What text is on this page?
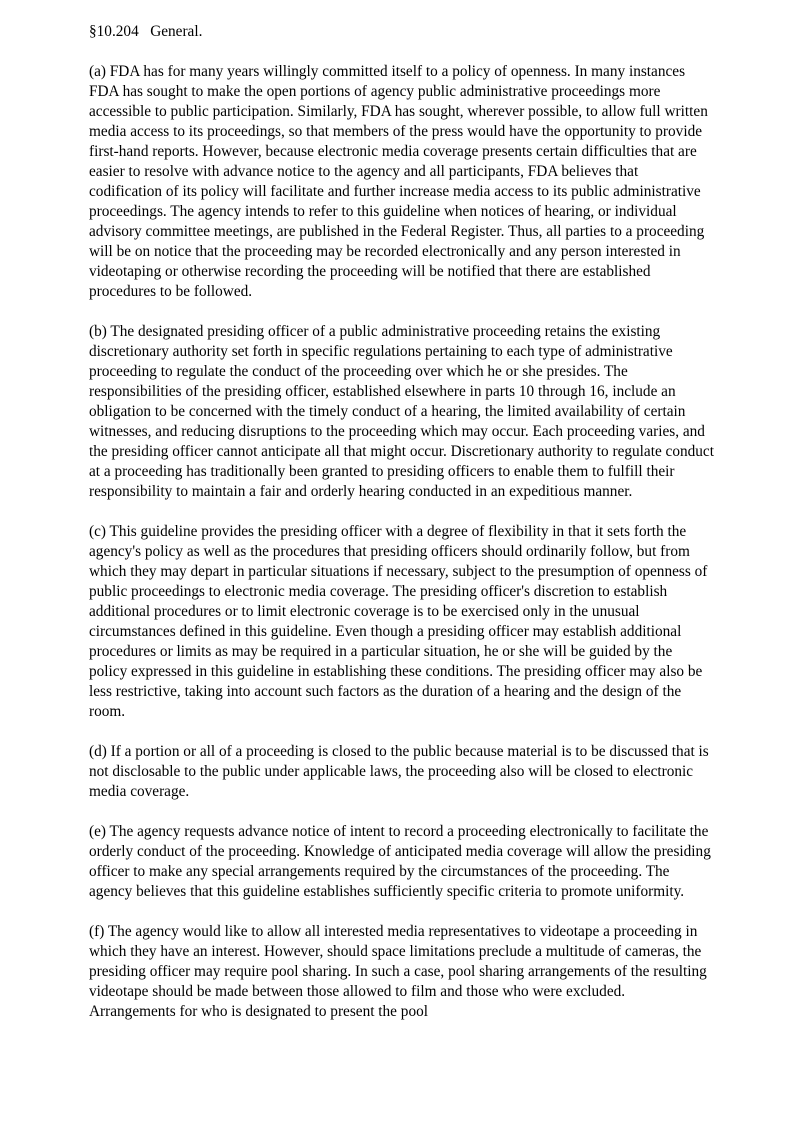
§10.204   General.

(a) FDA has for many years willingly committed itself to a policy of openness. In many instances FDA has sought to make the open portions of agency public administrative proceedings more accessible to public participation. Similarly, FDA has sought, wherever possible, to allow full written media access to its proceedings, so that members of the press would have the opportunity to provide first-hand reports. However, because electronic media coverage presents certain difficulties that are easier to resolve with advance notice to the agency and all participants, FDA believes that codification of its policy will facilitate and further increase media access to its public administrative proceedings. The agency intends to refer to this guideline when notices of hearing, or individual advisory committee meetings, are published in the Federal Register. Thus, all parties to a proceeding will be on notice that the proceeding may be recorded electronically and any person interested in videotaping or otherwise recording the proceeding will be notified that there are established procedures to be followed.

(b) The designated presiding officer of a public administrative proceeding retains the existing discretionary authority set forth in specific regulations pertaining to each type of administrative proceeding to regulate the conduct of the proceeding over which he or she presides. The responsibilities of the presiding officer, established elsewhere in parts 10 through 16, include an obligation to be concerned with the timely conduct of a hearing, the limited availability of certain witnesses, and reducing disruptions to the proceeding which may occur. Each proceeding varies, and the presiding officer cannot anticipate all that might occur. Discretionary authority to regulate conduct at a proceeding has traditionally been granted to presiding officers to enable them to fulfill their responsibility to maintain a fair and orderly hearing conducted in an expeditious manner.

(c) This guideline provides the presiding officer with a degree of flexibility in that it sets forth the agency's policy as well as the procedures that presiding officers should ordinarily follow, but from which they may depart in particular situations if necessary, subject to the presumption of openness of public proceedings to electronic media coverage. The presiding officer's discretion to establish additional procedures or to limit electronic coverage is to be exercised only in the unusual circumstances defined in this guideline. Even though a presiding officer may establish additional procedures or limits as may be required in a particular situation, he or she will be guided by the policy expressed in this guideline in establishing these conditions. The presiding officer may also be less restrictive, taking into account such factors as the duration of a hearing and the design of the room.

(d) If a portion or all of a proceeding is closed to the public because material is to be discussed that is not disclosable to the public under applicable laws, the proceeding also will be closed to electronic media coverage.

(e) The agency requests advance notice of intent to record a proceeding electronically to facilitate the orderly conduct of the proceeding. Knowledge of anticipated media coverage will allow the presiding officer to make any special arrangements required by the circumstances of the proceeding. The agency believes that this guideline establishes sufficiently specific criteria to promote uniformity.

(f) The agency would like to allow all interested media representatives to videotape a proceeding in which they have an interest. However, should space limitations preclude a multitude of cameras, the presiding officer may require pool sharing. In such a case, pool sharing arrangements of the resulting videotape should be made between those allowed to film and those who were excluded. Arrangements for who is designated to present the pool
